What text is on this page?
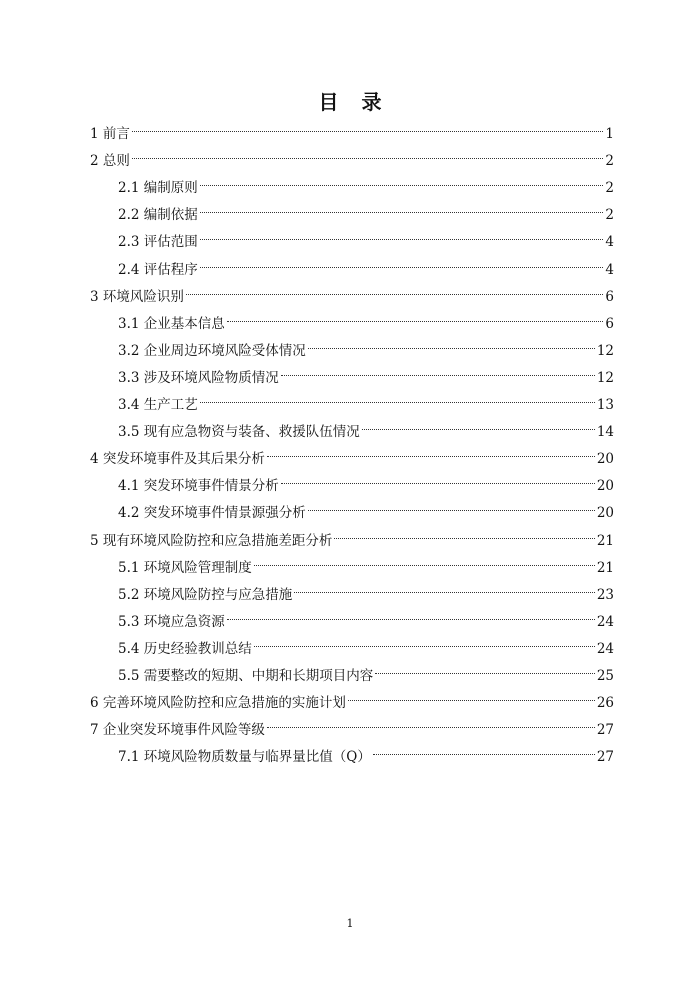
目 录
1 前言	1
2 总则	2
2.1 编制原则	2
2.2 编制依据	2
2.3 评估范围	4
2.4 评估程序	4
3 环境风险识别	6
3.1 企业基本信息	6
3.2 企业周边环境风险受体情况	12
3.3 涉及环境风险物质情况	12
3.4 生产工艺	13
3.5 现有应急物资与装备、救援队伍情况	14
4 突发环境事件及其后果分析	20
4.1 突发环境事件情景分析	20
4.2 突发环境事件情景源强分析	20
5 现有环境风险防控和应急措施差距分析	21
5.1 环境风险管理制度	21
5.2 环境风险防控与应急措施	23
5.3 环境应急资源	24
5.4 历史经验教训总结	24
5.5 需要整改的短期、中期和长期项目内容	25
6 完善环境风险防控和应急措施的实施计划	26
7 企业突发环境事件风险等级	27
7.1 环境风险物质数量与临界量比值（Q）	27
1
